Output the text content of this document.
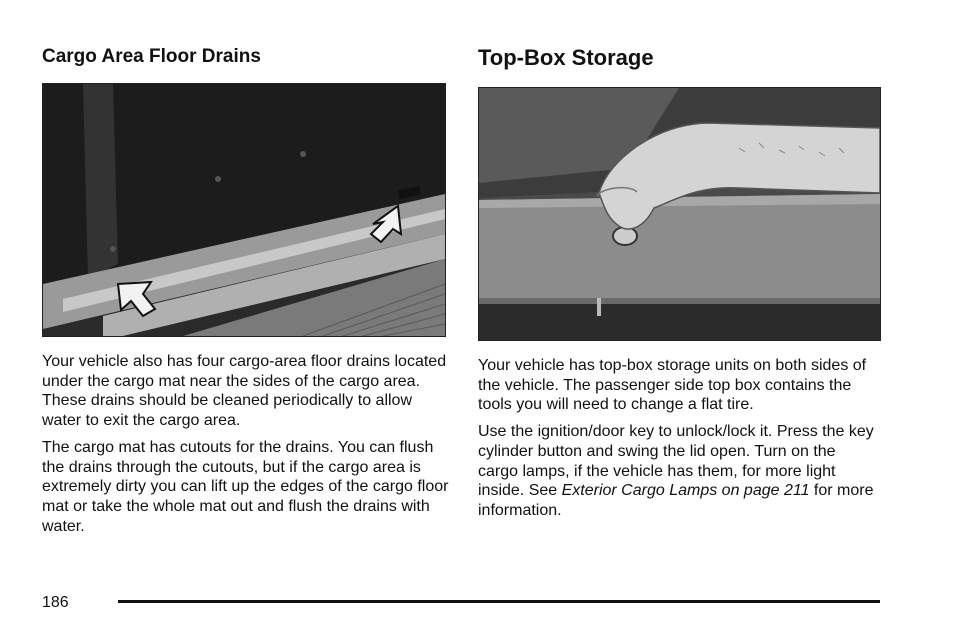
Cargo Area Floor Drains	Top-Box Storage

Your vehicle also has four cargo-area floor drains located under the cargo mat near the sides of the cargo area. These drains should be cleaned periodically to allow water to exit the cargo area.

The cargo mat has cutouts for the drains. You can flush the drains through the cutouts, but if the cargo area is extremely dirty you can lift up the edges of the cargo floor mat or take the whole mat out and flush the drains with water.

Your vehicle has top-box storage units on both sides of the vehicle. The passenger side top box contains the tools you will need to change a flat tire.

Use the ignition/door key to unlock/lock it. Press the key cylinder button and swing the lid open. Turn on the cargo lamps, if the vehicle has them, for more light inside. See Exterior Cargo Lamps on page 211 for more information.

186
